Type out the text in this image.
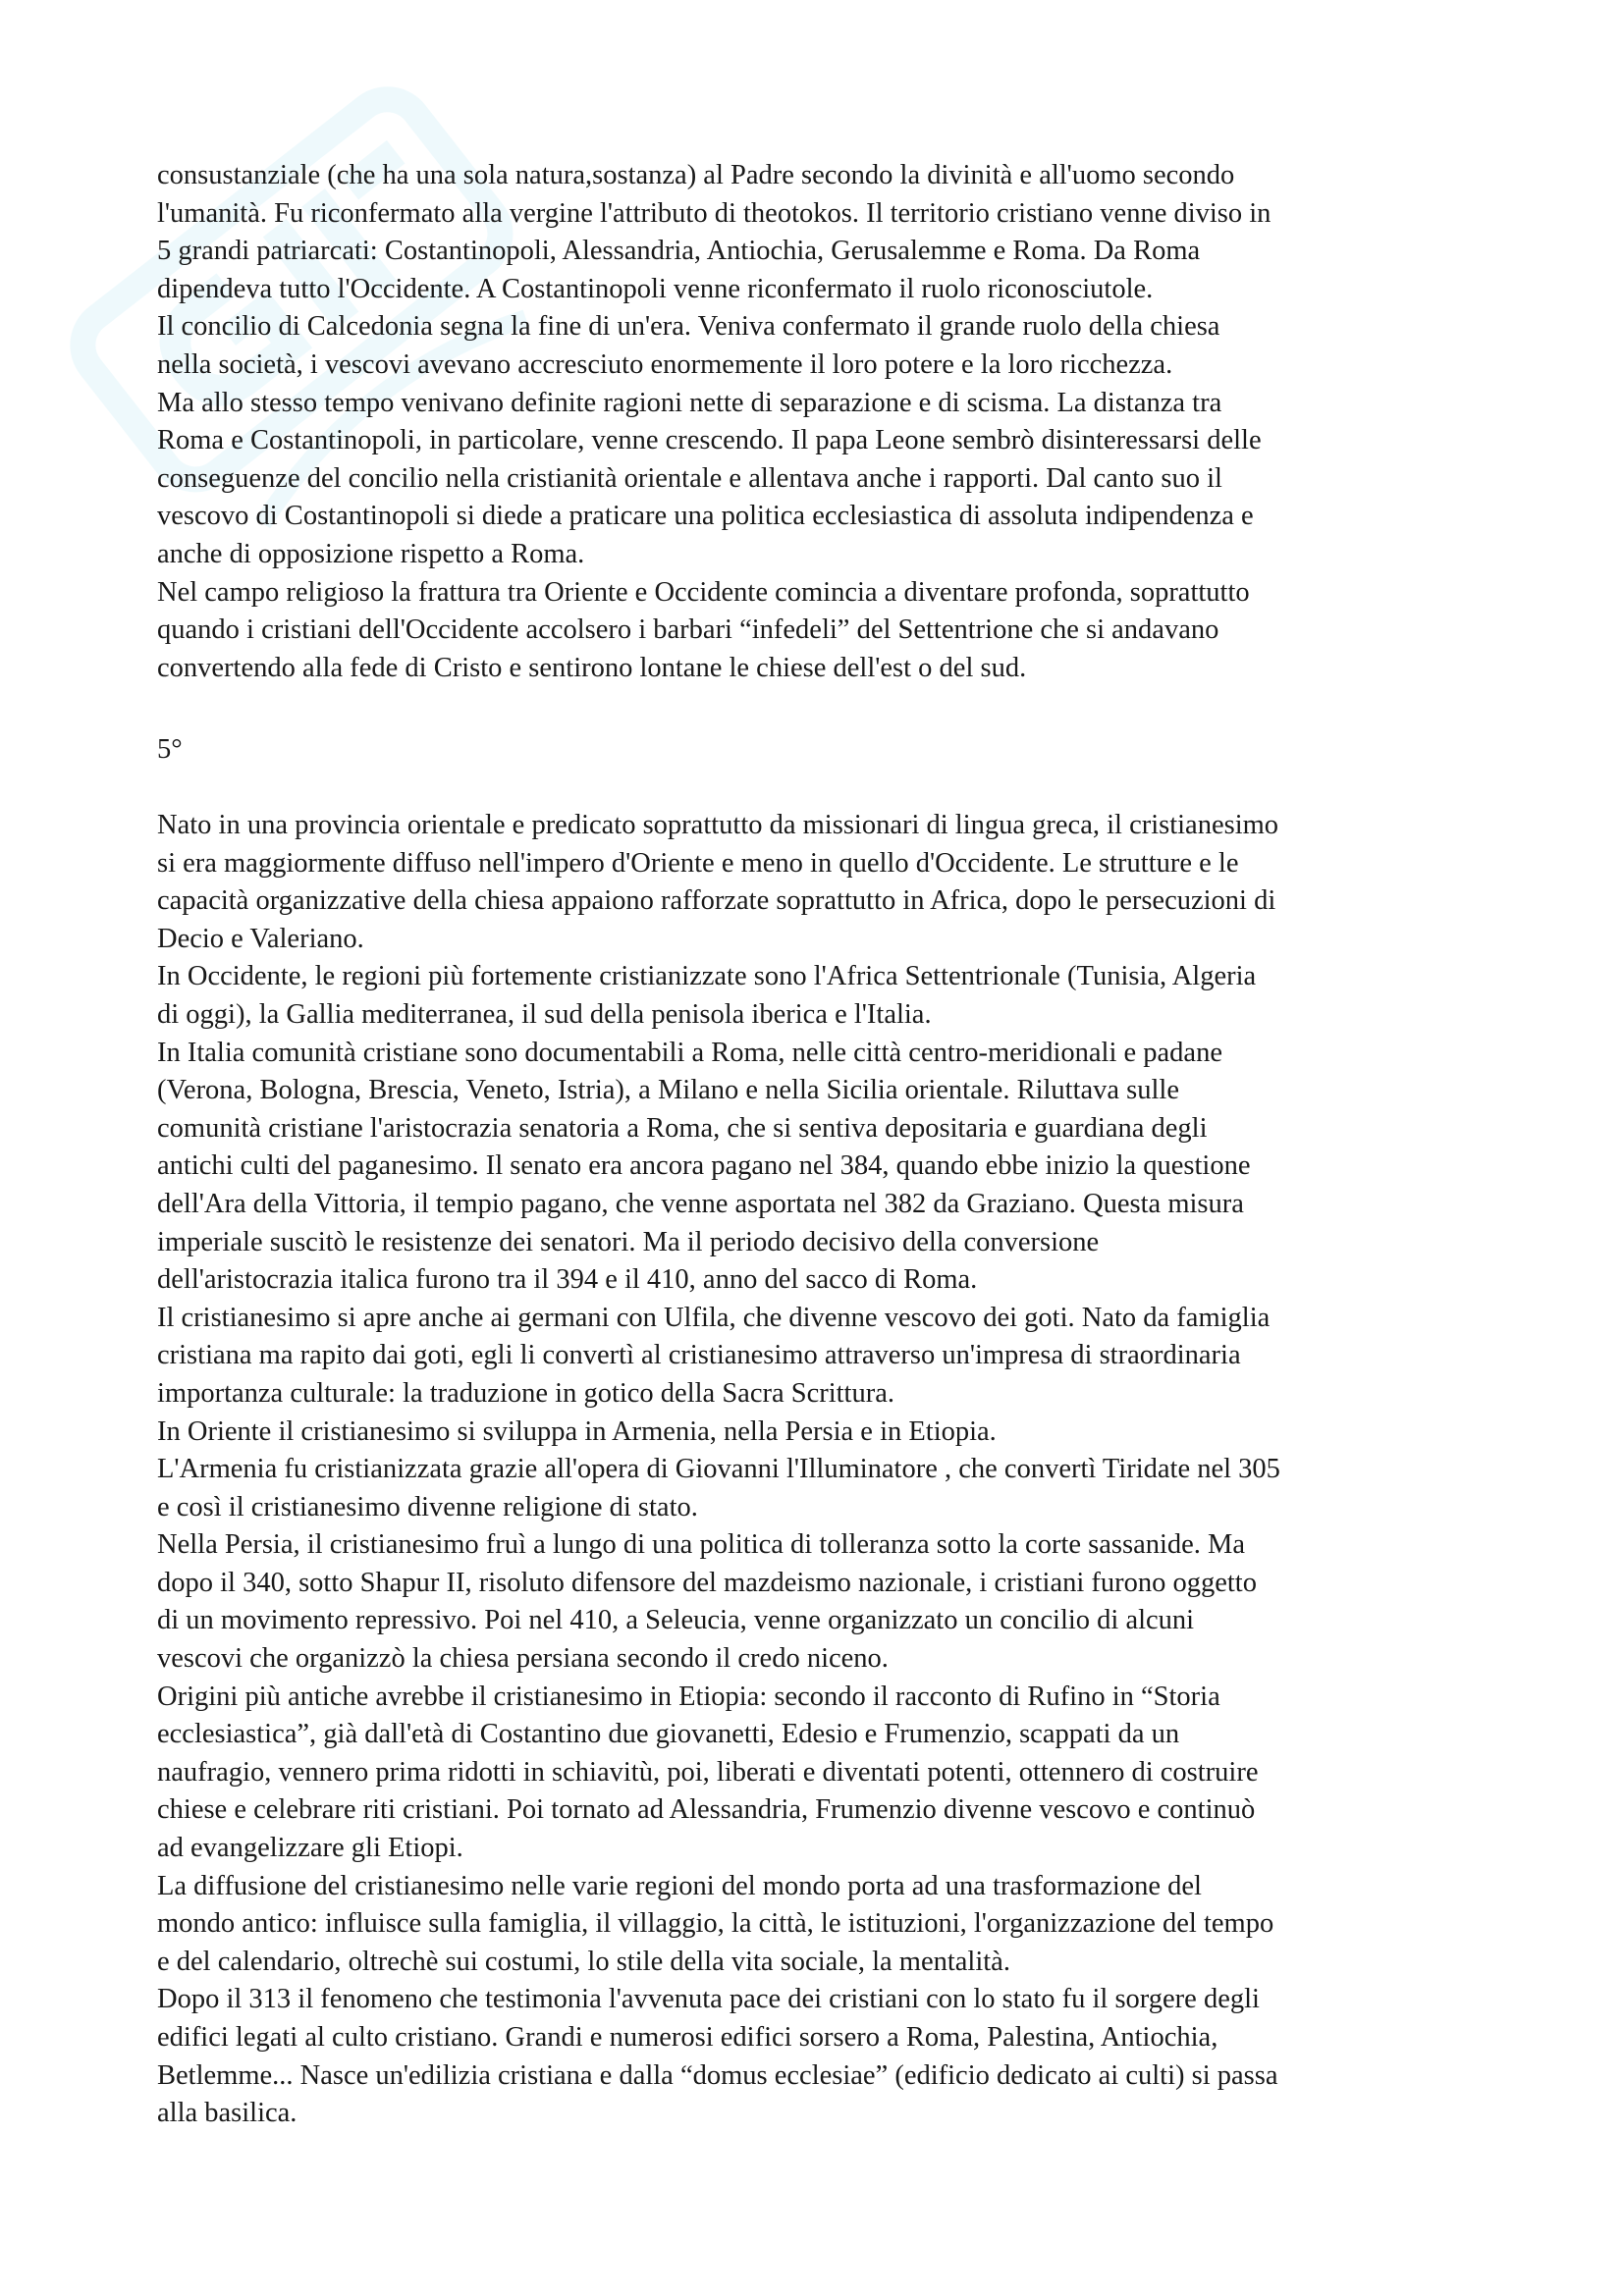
consustanziale (che ha una sola natura,sostanza) al Padre secondo la divinità e all'uomo secondo

l'umanità. Fu riconfermato alla vergine l'attributo di theotokos. Il territorio cristiano venne diviso in

5 grandi patriarcati: Costantinopoli, Alessandria, Antiochia, Gerusalemme e Roma. Da Roma

dipendeva tutto l'Occidente. A Costantinopoli venne riconfermato il ruolo riconosciutole.

Il concilio di Calcedonia segna la fine di un'era. Veniva confermato il grande ruolo della chiesa

nella società, i vescovi avevano accresciuto enormemente il loro potere e la loro ricchezza.

Ma allo stesso tempo venivano definite ragioni nette di separazione e di scisma. La distanza tra

Roma e Costantinopoli, in particolare, venne crescendo. Il papa Leone sembrò disinteressarsi delle

conseguenze del concilio nella cristianità orientale e allentava anche i rapporti. Dal canto suo il

vescovo di Costantinopoli si diede a praticare una politica ecclesiastica di assoluta indipendenza e

anche di opposizione rispetto a Roma.

Nel campo religioso la frattura tra Oriente e Occidente comincia a diventare profonda, soprattutto

quando i cristiani dell'Occidente accolsero i barbari “infedeli” del Settentrione che si andavano

convertendo alla fede di Cristo e sentirono lontane le chiese dell'est o del sud.

5°

Nato in una provincia orientale e predicato soprattutto da missionari di lingua greca, il cristianesimo

si era maggiormente diffuso nell'impero d'Oriente e meno in quello d'Occidente. Le strutture e le

capacità organizzative della chiesa appaiono rafforzate soprattutto in Africa, dopo le persecuzioni di

Decio e Valeriano.

In Occidente, le regioni più fortemente cristianizzate sono l'Africa Settentrionale (Tunisia, Algeria

di oggi), la Gallia mediterranea, il sud della penisola iberica e l'Italia.

In Italia comunità cristiane sono documentabili a Roma, nelle città centro-meridionali e padane

(Verona, Bologna, Brescia, Veneto, Istria), a Milano e nella Sicilia orientale. Riluttava sulle

comunità cristiane l'aristocrazia senatoria a Roma, che si sentiva depositaria e guardiana degli

antichi culti del paganesimo. Il senato era ancora pagano nel 384, quando ebbe inizio la questione

dell'Ara della Vittoria, il tempio pagano, che venne asportata nel 382 da Graziano. Questa misura

imperiale suscitò le resistenze dei senatori. Ma il periodo decisivo della conversione

dell'aristocrazia italica furono tra il 394 e il 410, anno del sacco di Roma.

Il cristianesimo si apre anche ai germani con Ulfila, che divenne vescovo dei goti. Nato da famiglia

cristiana ma rapito dai goti, egli li convertì al cristianesimo attraverso un'impresa di straordinaria

importanza culturale: la traduzione in gotico della Sacra Scrittura.

In Oriente il cristianesimo si sviluppa in Armenia, nella Persia e in Etiopia.

L'Armenia fu cristianizzata grazie all'opera di Giovanni l'Illuminatore , che convertì Tiridate nel 305

e così il cristianesimo divenne religione di stato.

Nella Persia, il cristianesimo fruì a lungo di una politica di tolleranza sotto la corte sassanide. Ma

dopo il 340, sotto Shapur II, risoluto difensore del mazdeismo nazionale, i cristiani furono oggetto

di un movimento repressivo. Poi nel 410, a Seleucia, venne organizzato un concilio di alcuni

vescovi che organizzò la chiesa persiana secondo il credo niceno.

Origini più antiche avrebbe il cristianesimo in Etiopia: secondo il racconto di Rufino in “Storia

ecclesiastica”, già dall'età di Costantino due giovanetti, Edesio e Frumenzio, scappati da un

naufragio, vennero prima ridotti in schiavitù, poi, liberati e diventati potenti, ottennero di costruire

chiese e celebrare riti cristiani. Poi tornato ad Alessandria, Frumenzio divenne vescovo e continuò

ad evangelizzare gli Etiopi.

La diffusione del cristianesimo nelle varie regioni del mondo porta ad una trasformazione del

mondo antico: influisce sulla famiglia, il villaggio, la città, le istituzioni, l'organizzazione del tempo

e del calendario, oltrechè sui costumi, lo stile della vita sociale, la mentalità.

Dopo il 313 il fenomeno che testimonia l'avvenuta pace dei cristiani con lo stato fu il sorgere degli

edifici legati al culto cristiano. Grandi e numerosi edifici sorsero a Roma, Palestina, Antiochia,

Betlemme... Nasce un'edilizia cristiana e dalla “domus ecclesiae” (edificio dedicato ai culti) si passa

alla basilica.
